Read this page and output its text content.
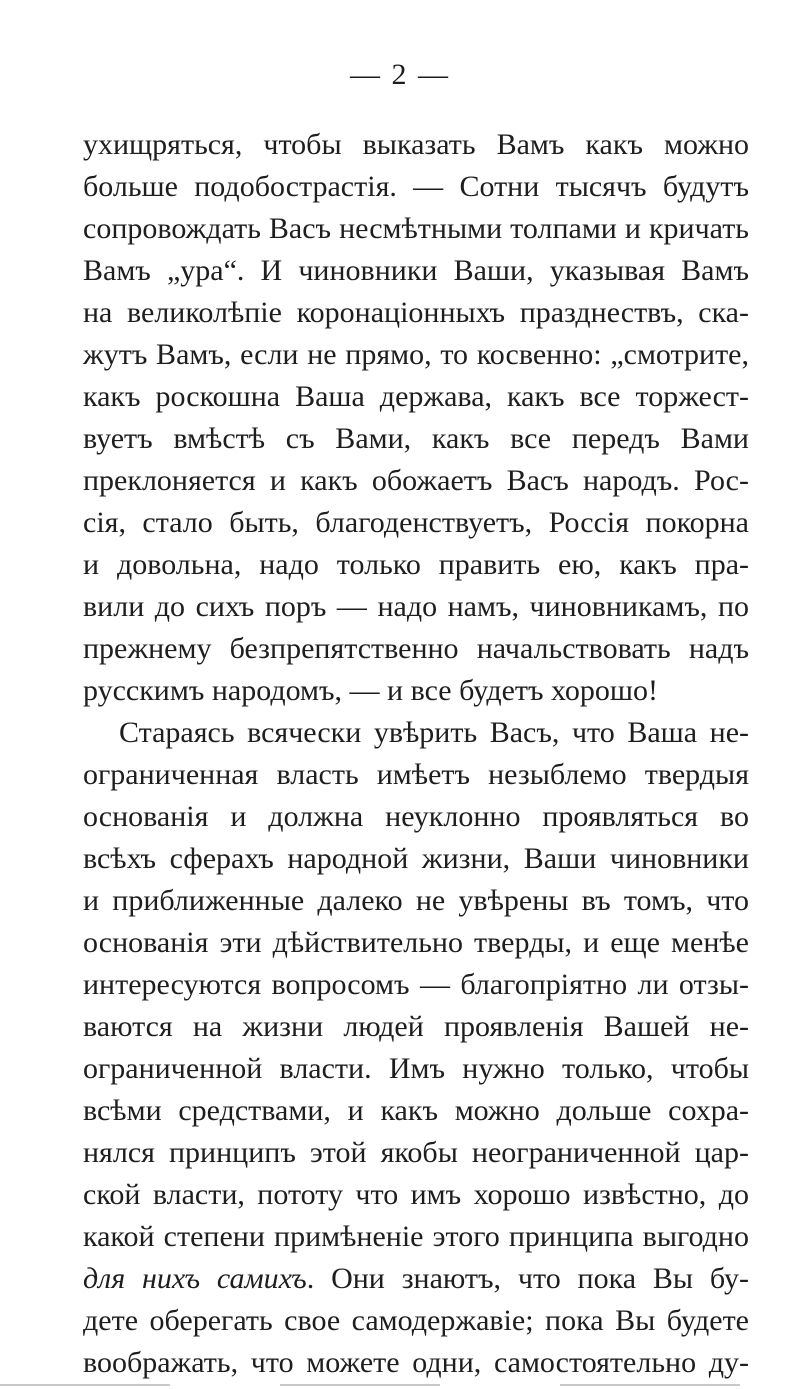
— 2 —
ухищряться, чтобы выказать Вамъ какъ можно
больше подобострастія. — Сотни тысячъ будутъ
сопровождать Васъ несмѣтными толпами и кричать
Вамъ „ура“. И чиновники Ваши, указывая Вамъ
на великолѣпіе коронаціонныхъ празднествъ, ска-
жутъ Вамъ, если не прямо, то косвенно: „смотрите,
какъ роскошна Ваша держава, какъ все торжест-
вуетъ вмѣстѣ съ Вами, какъ все передъ Вами
преклоняется и какъ обожаетъ Васъ народъ. Рос-
сія, стало быть, благоденствуетъ, Россія покорна
и довольна, надо только править ею, какъ пра-
вили до сихъ поръ — надо намъ, чиновникамъ, по
прежнему безпрепятственно начальствовать надъ
русскимъ народомъ, — и все будетъ хорошо!
Стараясь всячески увѣрить Васъ, что Ваша не-
ограниченная власть имѣетъ незыблемо твердыя
основанія и должна неуклонно проявляться во
всѣхъ сферахъ народной жизни, Ваши чиновники
и приближенные далеко не увѣрены въ томъ, что
основанія эти дѣйствительно тверды, и еще менѣе
интересуются вопросомъ — благопріятно ли отзы-
ваются на жизни людей проявленія Вашей не-
ограниченной власти. Имъ нужно только, чтобы
всѣми средствами, и какъ можно дольше сохра-
нялся принципъ этой якобы неограниченной цар-
ской власти, пототу что имъ хорошо извѣстно, до
какой степени примѣненіе этого принципа выгодно
для нихъ самихъ. Они знаютъ, что пока Вы бу-
дете оберегать свое самодержавіе; пока Вы будете
воображать, что можете одни, самостоятельно ду-
